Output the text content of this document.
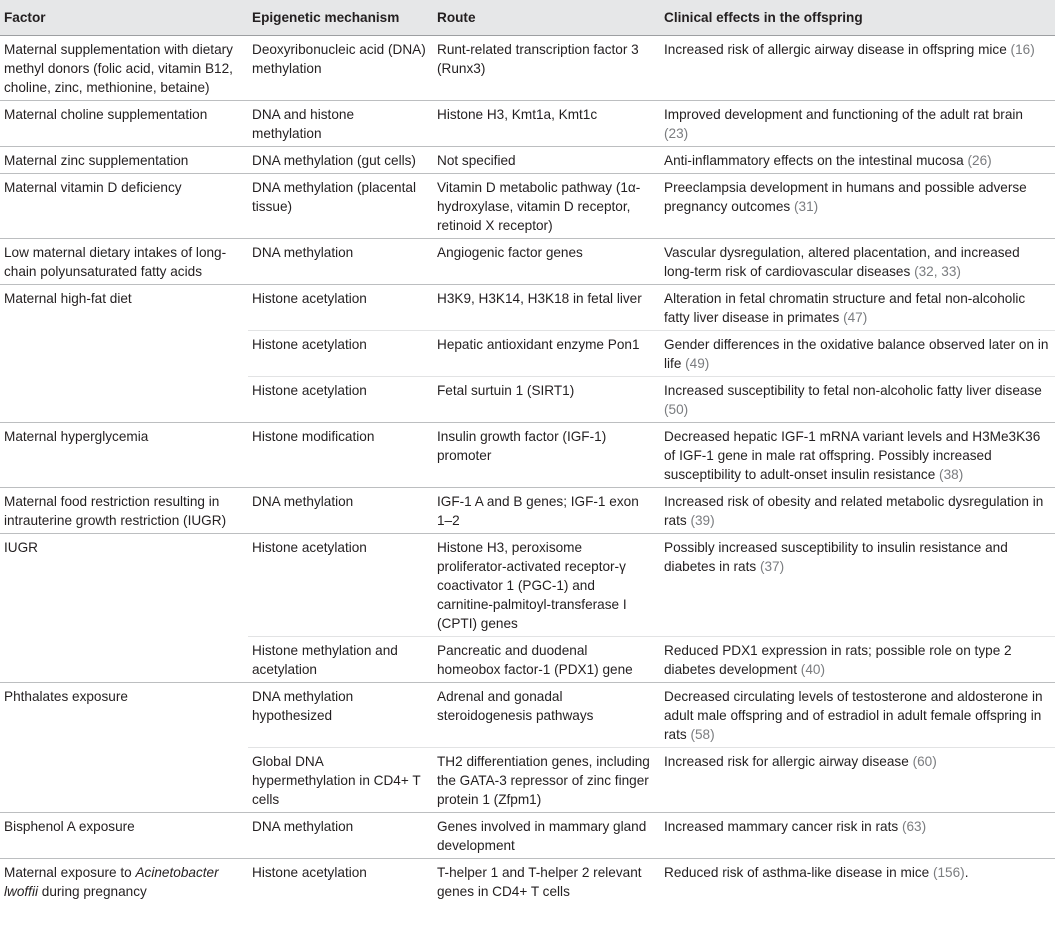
Factor	Epigenetic mechanism	Route	Clinical effects in the offspring
Maternal supplementation with dietary methyl donors (folic acid, vitamin B12, choline, zinc, methionine, betaine)	Deoxyribonucleic acid (DNA) methylation	Runt-related transcription factor 3 (Runx3)	Increased risk of allergic airway disease in offspring mice (16)
Maternal choline supplementation	DNA and histone methylation	Histone H3, Kmt1a, Kmt1c	Improved development and functioning of the adult rat brain (23)
Maternal zinc supplementation	DNA methylation (gut cells)	Not specified	Anti-inflammatory effects on the intestinal mucosa (26)
Maternal vitamin D deficiency	DNA methylation (placental tissue)	Vitamin D metabolic pathway (1α-hydroxylase, vitamin D receptor, retinoid X receptor)	Preeclampsia development in humans and possible adverse pregnancy outcomes (31)
Low maternal dietary intakes of long-chain polyunsaturated fatty acids	DNA methylation	Angiogenic factor genes	Vascular dysregulation, altered placentation, and increased long-term risk of cardiovascular diseases (32, 33)
Maternal high-fat diet	Histone acetylation	H3K9, H3K14, H3K18 in fetal liver	Alteration in fetal chromatin structure and fetal non-alcoholic fatty liver disease in primates (47)
	Histone acetylation	Hepatic antioxidant enzyme Pon1	Gender differences in the oxidative balance observed later on in life (49)
	Histone acetylation	Fetal surtuin 1 (SIRT1)	Increased susceptibility to fetal non-alcoholic fatty liver disease (50)
Maternal hyperglycemia	Histone modification	Insulin growth factor (IGF-1) promoter	Decreased hepatic IGF-1 mRNA variant levels and H3Me3K36 of IGF-1 gene in male rat offspring. Possibly increased susceptibility to adult-onset insulin resistance (38)
Maternal food restriction resulting in intrauterine growth restriction (IUGR)	DNA methylation	IGF-1 A and B genes; IGF-1 exon 1–2	Increased risk of obesity and related metabolic dysregulation in rats (39)
IUGR	Histone acetylation	Histone H3, peroxisome proliferator-activated receptor-γ coactivator 1 (PGC-1) and carnitine-palmitoyl-transferase I (CPTI) genes	Possibly increased susceptibility to insulin resistance and diabetes in rats (37)
	Histone methylation and acetylation	Pancreatic and duodenal homeobox factor-1 (PDX1) gene	Reduced PDX1 expression in rats; possible role on type 2 diabetes development (40)
Phthalates exposure	DNA methylation hypothesized	Adrenal and gonadal steroidogenesis pathways	Decreased circulating levels of testosterone and aldosterone in adult male offspring and of estradiol in adult female offspring in rats (58)
	Global DNA hypermethylation in CD4+ T cells	TH2 differentiation genes, including the GATA-3 repressor of zinc finger protein 1 (Zfpm1)	Increased risk for allergic airway disease (60)
Bisphenol A exposure	DNA methylation	Genes involved in mammary gland development	Increased mammary cancer risk in rats (63)
Maternal exposure to Acinetobacter lwoffii during pregnancy	Histone acetylation	T-helper 1 and T-helper 2 relevant genes in CD4+ T cells	Reduced risk of asthma-like disease in mice (156).
